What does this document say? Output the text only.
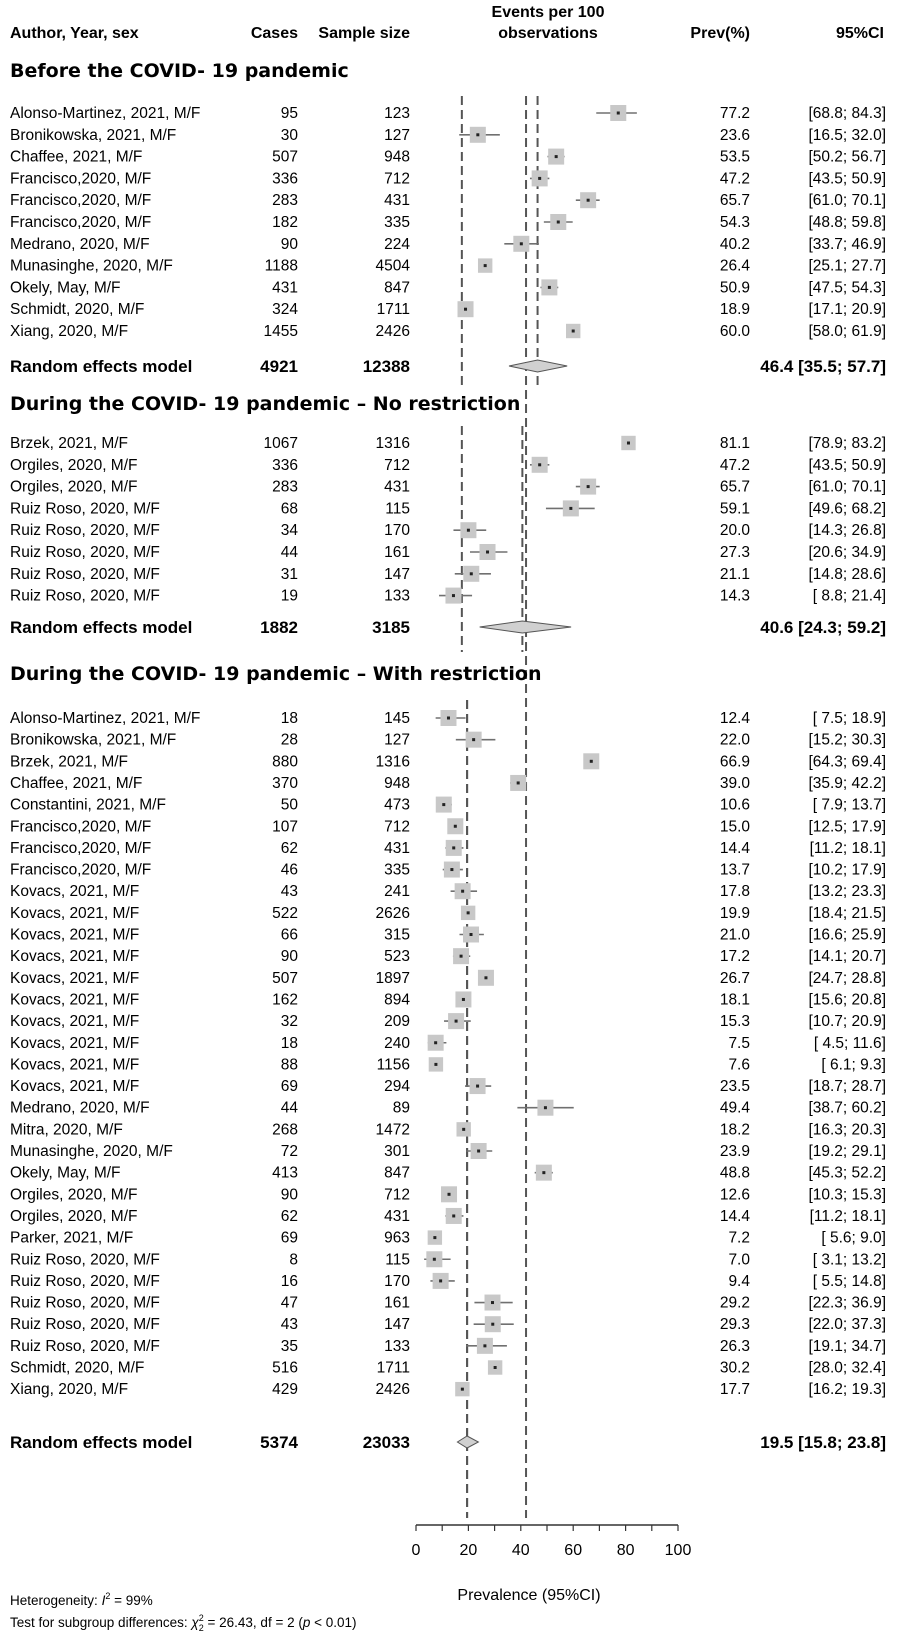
Author, Year, sex	Cases Sample size
Events per 100
observations	Prev(%)	95%CI
Before the COVID- 19 pandemic
Alonso-Martinez, 2021, M/F	95	123	77.2	[68.8; 84.3]
Bronikowska, 2021, M/F	30	127	23.6	[16.5; 32.0]
Chaffee, 2021, M/F	507	948	53.5	[50.2; 56.7]
Francisco,2020, M/F	336	712	47.2	[43.5; 50.9]
Francisco,2020, M/F	283	431	65.7	[61.0; 70.1]
Francisco,2020, M/F	182	335	54.3	[48.8; 59.8]
Medrano, 2020, M/F	90	224	40.2	[33.7; 46.9]
Munasinghe, 2020, M/F	1188	4504	26.4	[25.1; 27.7]
Okely, May, M/F	431	847	50.9	[47.5; 54.3]
Schmidt, 2020, M/F	324	1711	18.9	[17.1; 20.9]
Xiang, 2020, M/F	1455	2426	60.0	[58.0; 61.9]
Random effects model	4921	12388	46.4 [35.5; 57.7]
During the COVID- 19 pandemic – No restriction
Brzek, 2021, M/F	1067	1316	81.1	[78.9; 83.2]
Orgiles, 2020, M/F	336	712	47.2	[43.5; 50.9]
Orgiles, 2020, M/F	283	431	65.7	[61.0; 70.1]
Ruiz Roso, 2020, M/F	68	115	59.1	[49.6; 68.2]
Ruiz Roso, 2020, M/F	34	170	20.0	[14.3; 26.8]
Ruiz Roso, 2020, M/F	44	161	27.3	[20.6; 34.9]
Ruiz Roso, 2020, M/F	31	147	21.1	[14.8; 28.6]
Ruiz Roso, 2020, M/F	19	133	14.3	[ 8.8; 21.4]
Random effects model	1882	3185	40.6 [24.3; 59.2]
During the COVID- 19 pandemic – With restriction
Alonso-Martinez, 2021, M/F	18	145	12.4	[ 7.5; 18.9]
Bronikowska, 2021, M/F	28	127	22.0	[15.2; 30.3]
Brzek, 2021, M/F	880	1316	66.9	[64.3; 69.4]
Chaffee, 2021, M/F	370	948	39.0	[35.9; 42.2]
Constantini, 2021, M/F	50	473	10.6	[ 7.9; 13.7]
Francisco,2020, M/F	107	712	15.0	[12.5; 17.9]
Francisco,2020, M/F	62	431	14.4	[11.2; 18.1]
Francisco,2020, M/F	46	335	13.7	[10.2; 17.9]
Kovacs, 2021, M/F	43	241	17.8	[13.2; 23.3]
Kovacs, 2021, M/F	522	2626	19.9	[18.4; 21.5]
Kovacs, 2021, M/F	66	315	21.0	[16.6; 25.9]
Kovacs, 2021, M/F	90	523	17.2	[14.1; 20.7]
Kovacs, 2021, M/F	507	1897	26.7	[24.7; 28.8]
Kovacs, 2021, M/F	162	894	18.1	[15.6; 20.8]
Kovacs, 2021, M/F	32	209	15.3	[10.7; 20.9]
Kovacs, 2021, M/F	18	240	7.5	[ 4.5; 11.6]
Kovacs, 2021, M/F	88	1156	7.6	[ 6.1; 9.3]
Kovacs, 2021, M/F	69	294	23.5	[18.7; 28.7]
Medrano, 2020, M/F	44	89	49.4	[38.7; 60.2]
Mitra, 2020, M/F	268	1472	18.2	[16.3; 20.3]
Munasinghe, 2020, M/F	72	301	23.9	[19.2; 29.1]
Okely, May, M/F	413	847	48.8	[45.3; 52.2]
Orgiles, 2020, M/F	90	712	12.6	[10.3; 15.3]
Orgiles, 2020, M/F	62	431	14.4	[11.2; 18.1]
Parker, 2021, M/F	69	963	7.2	[ 5.6; 9.0]
Ruiz Roso, 2020, M/F	8	115	7.0	[ 3.1; 13.2]
Ruiz Roso, 2020, M/F	16	170	9.4	[ 5.5; 14.8]
Ruiz Roso, 2020, M/F	47	161	29.2	[22.3; 36.9]
Ruiz Roso, 2020, M/F	43	147	29.3	[22.0; 37.3]
Ruiz Roso, 2020, M/F	35	133	26.3	[19.1; 34.7]
Schmidt, 2020, M/F	516	1711	30.2	[28.0; 32.4]
Xiang, 2020, M/F	429	2426	17.7	[16.2; 19.3]
Random effects model	5374	23033	19.5 [15.8; 23.8]
0 20 40 60 80 100
Prevalence (95%CI)
Heterogeneity: $I^2 = 99\%$
Test for subgroup differences: $\chi^2$ 2 = 26.43, df = 2 (p < 0.01)
